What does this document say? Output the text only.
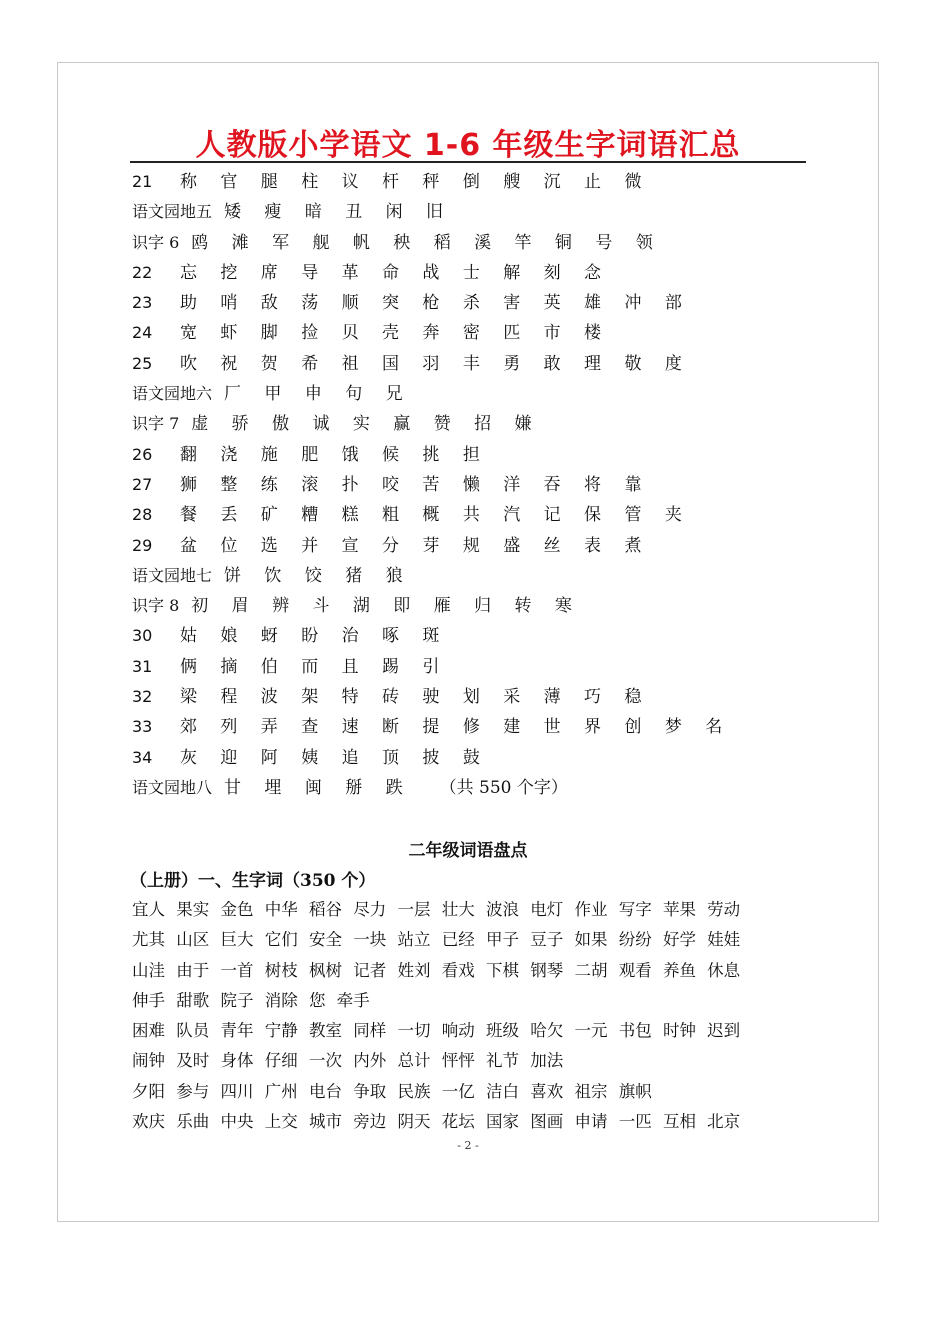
人教版小学语文 1-6 年级生字词语汇总
21	称 官 腿 柱 议 杆 秤 倒 艘 沉 止 微
语文园地五 矮 瘦 暗 丑 闲 旧
识字 6 鸥 滩 军 舰 帆 秧 稻 溪 竿 铜 号 领
22	忘 挖 席 导 革 命 战 士 解 刻 念
23	助 哨 敌 荡 顺 突 枪 杀 害 英 雄 冲 部
24	宽 虾 脚 捡 贝 壳 奔 密 匹 市 楼
25	吹 祝 贺 希 祖 国 羽 丰 勇 敢 理 敬 度
语文园地六 厂 甲 申 句 兄
识字 7 虚 骄 傲 诚 实 赢 赞 招 嫌
26	翻 浇 施 肥 饿 候 挑 担
27	狮 整 练 滚 扑 咬 苦 懒 洋 吞 将 靠
28	餐 丢 矿 糟 糕 粗 概 共 汽 记 保 管 夹
29	盆 位 选 并 宣 分 芽 规 盛 丝 表 煮
语文园地七 饼 饮 饺 猪 狼
识字 8 初 眉 辨 斗 湖 即 雁 归 转 寒
30	姑 娘 蚜 盼 治 啄 斑
31	俩 摘 伯 而 且 踢 引
32	梁 程 波 架 特 砖 驶 划 采 薄 巧 稳
33	郊 列 弄 查 速 断 提 修 建 世 界 创 梦 名
34	灰 迎 阿 姨 追 顶 披 鼓
语文园地八 甘 埋 闽 掰 跌 （共 550 个字）
二年级词语盘点
（上册）一、生字词（350 个）
宜人 果实 金色 中华 稻谷 尽力 一层 壮大 波浪 电灯 作业 写字 苹果 劳动
尤其 山区 巨大 它们 安全 一块 站立 已经 甲子 豆子 如果 纷纷 好学 娃娃
山洼 由于 一首 树枝 枫树 记者 姓刘 看戏 下棋 钢琴 二胡 观看 养鱼 休息
伸手 甜歌 院子 消除 您 牵手
困难 队员 青年 宁静 教室 同样 一切 响动 班级 哈欠 一元 书包 时钟 迟到
闹钟 及时 身体 仔细 一次 内外 总计 怦怦 礼节 加法
夕阳 参与 四川 广州 电台 争取 民族 一亿 洁白 喜欢 祖宗 旗帜
欢庆 乐曲 中央 上交 城市 旁边 阴天 花坛 国家 图画 申请 一匹 互相 北京
- 2 -
